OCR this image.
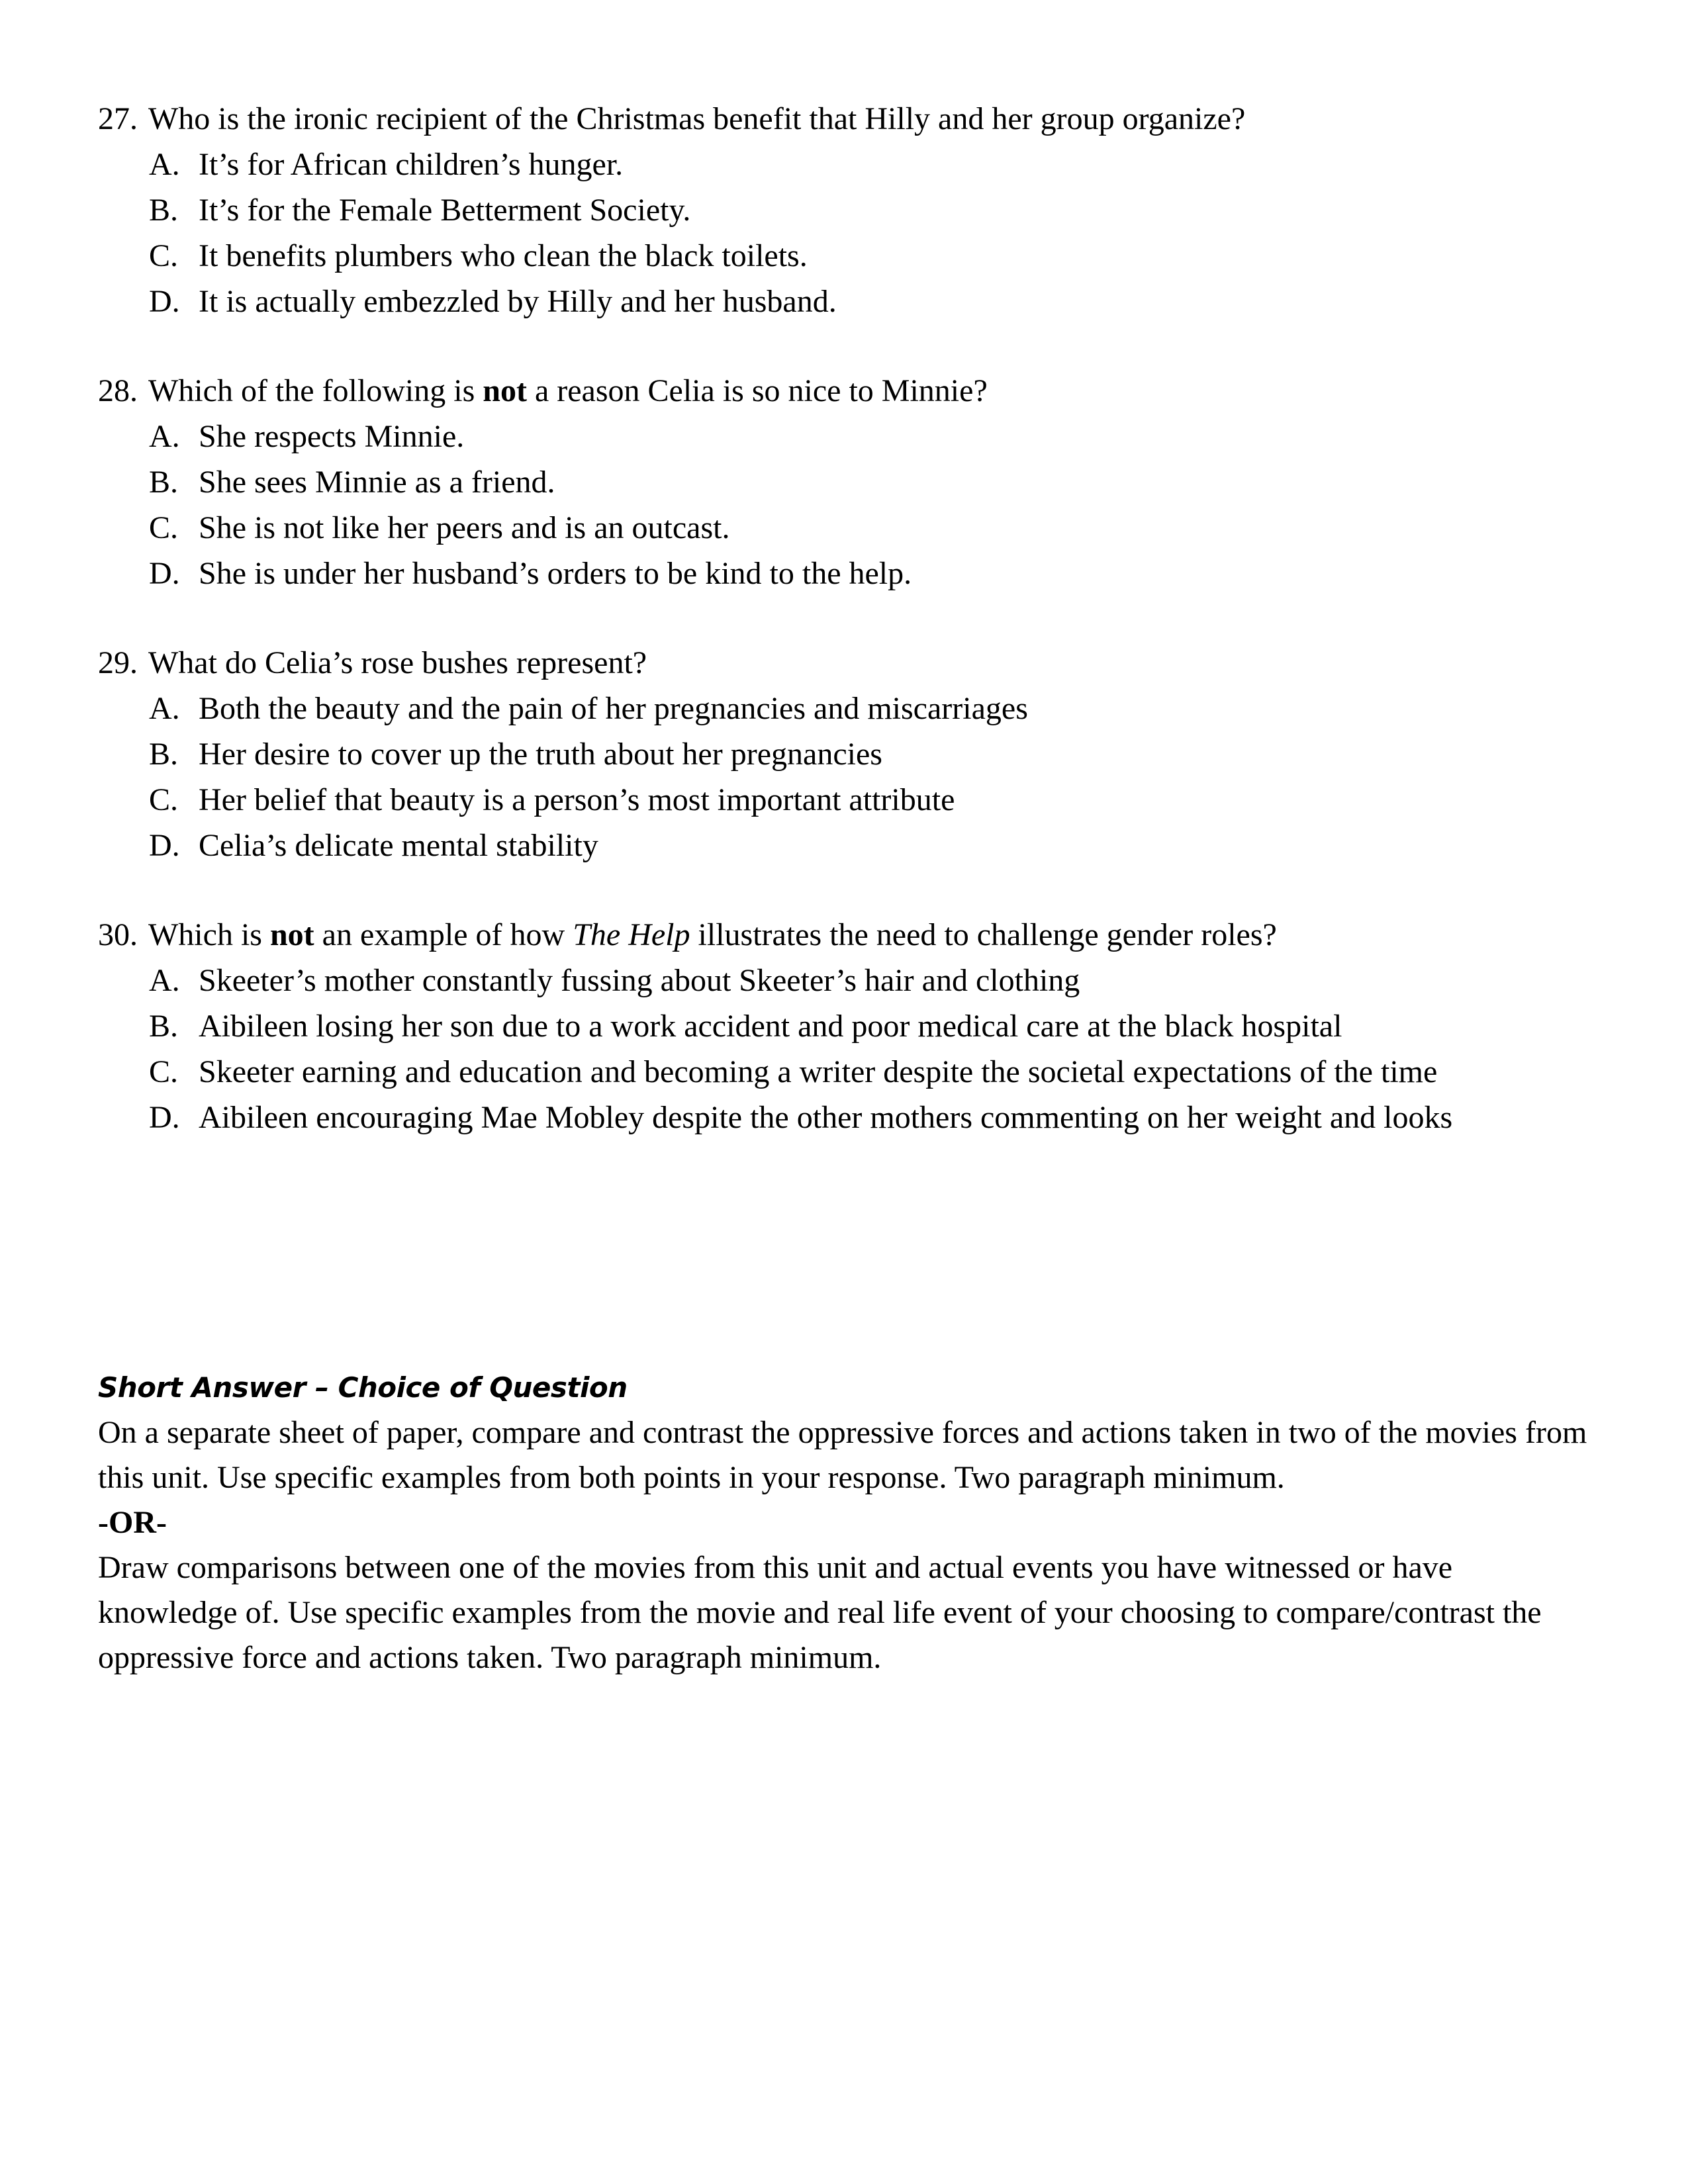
27. Who is the ironic recipient of the Christmas benefit that Hilly and her group organize?
A. It’s for African children’s hunger.
B. It’s for the Female Betterment Society.
C. It benefits plumbers who clean the black toilets.
D. It is actually embezzled by Hilly and her husband.
28. Which of the following is not a reason Celia is so nice to Minnie?
A. She respects Minnie.
B. She sees Minnie as a friend.
C. She is not like her peers and is an outcast.
D. She is under her husband’s orders to be kind to the help.
29. What do Celia’s rose bushes represent?
A. Both the beauty and the pain of her pregnancies and miscarriages
B. Her desire to cover up the truth about her pregnancies
C. Her belief that beauty is a person’s most important attribute
D. Celia’s delicate mental stability
30. Which is not an example of how The Help illustrates the need to challenge gender roles?
A. Skeeter’s mother constantly fussing about Skeeter’s hair and clothing
B. Aibileen losing her son due to a work accident and poor medical care at the black hospital
C. Skeeter earning and education and becoming a writer despite the societal expectations of the time
D. Aibileen encouraging Mae Mobley despite the other mothers commenting on her weight and looks
Short Answer – Choice of Question
On a separate sheet of paper, compare and contrast the oppressive forces and actions taken in two of the movies from this unit. Use specific examples from both points in your response. Two paragraph minimum.
-OR-
Draw comparisons between one of the movies from this unit and actual events you have witnessed or have knowledge of. Use specific examples from the movie and real life event of your choosing to compare/contrast the oppressive force and actions taken. Two paragraph minimum.
